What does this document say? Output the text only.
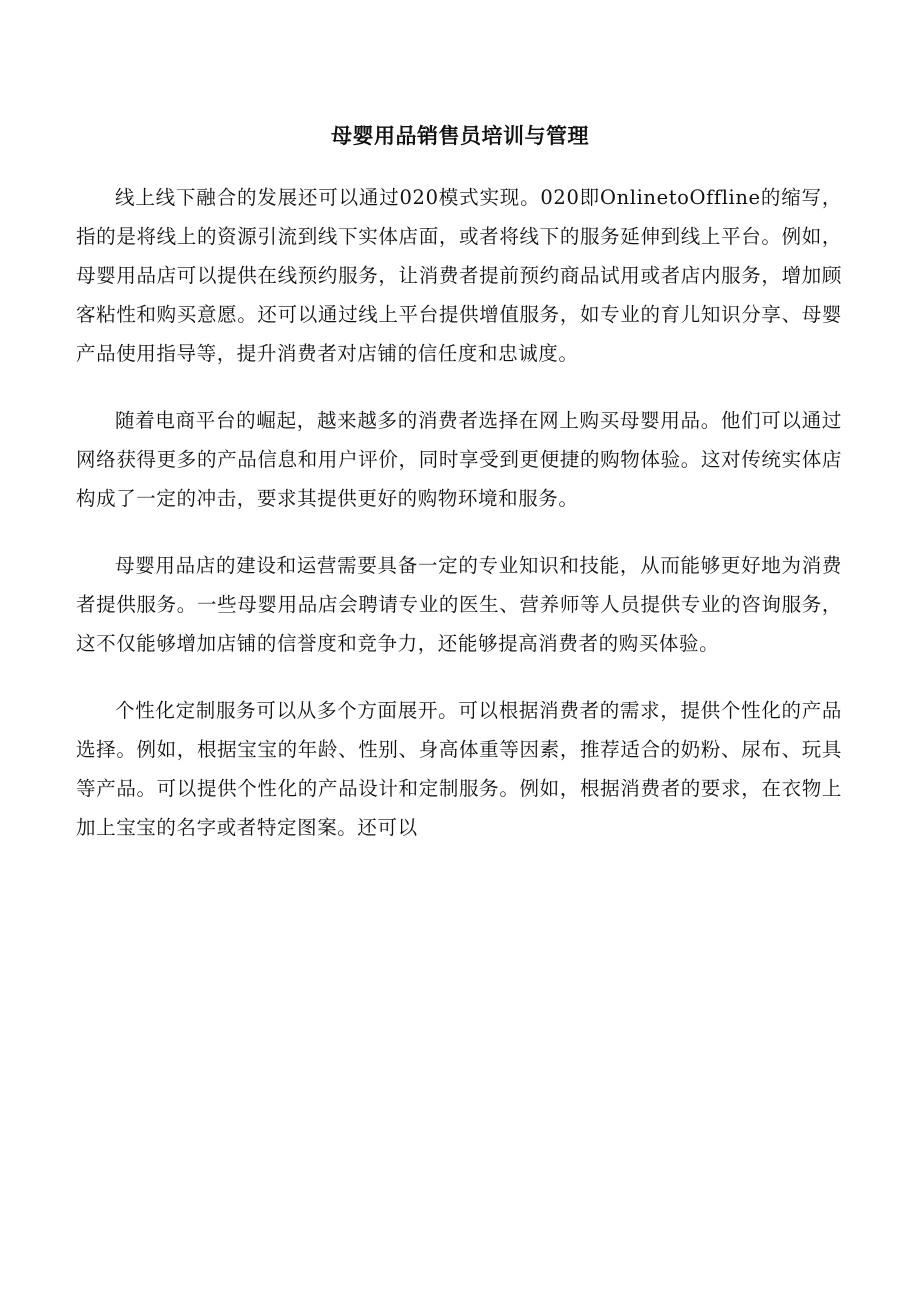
母婴用品销售员培训与管理

线上线下融合的发展还可以通过020模式实现。020即OnlinetoOffline的缩写，指的是将线上的资源引流到线下实体店面，或者将线下的服务延伸到线上平台。例如，母婴用品店可以提供在线预约服务，让消费者提前预约商品试用或者店内服务，增加顾客粘性和购买意愿。还可以通过线上平台提供增值服务，如专业的育儿知识分享、母婴产品使用指导等，提升消费者对店铺的信任度和忠诚度。

随着电商平台的崛起，越来越多的消费者选择在网上购买母婴用品。他们可以通过网络获得更多的产品信息和用户评价，同时享受到更便捷的购物体验。这对传统实体店构成了一定的冲击，要求其提供更好的购物环境和服务。

母婴用品店的建设和运营需要具备一定的专业知识和技能，从而能够更好地为消费者提供服务。一些母婴用品店会聘请专业的医生、营养师等人员提供专业的咨询服务，这不仅能够增加店铺的信誉度和竞争力，还能够提高消费者的购买体验。

个性化定制服务可以从多个方面展开。可以根据消费者的需求，提供个性化的产品选择。例如，根据宝宝的年龄、性别、身高体重等因素，推荐适合的奶粉、尿布、玩具等产品。可以提供个性化的产品设计和定制服务。例如，根据消费者的要求，在衣物上加上宝宝的名字或者特定图案。还可以
